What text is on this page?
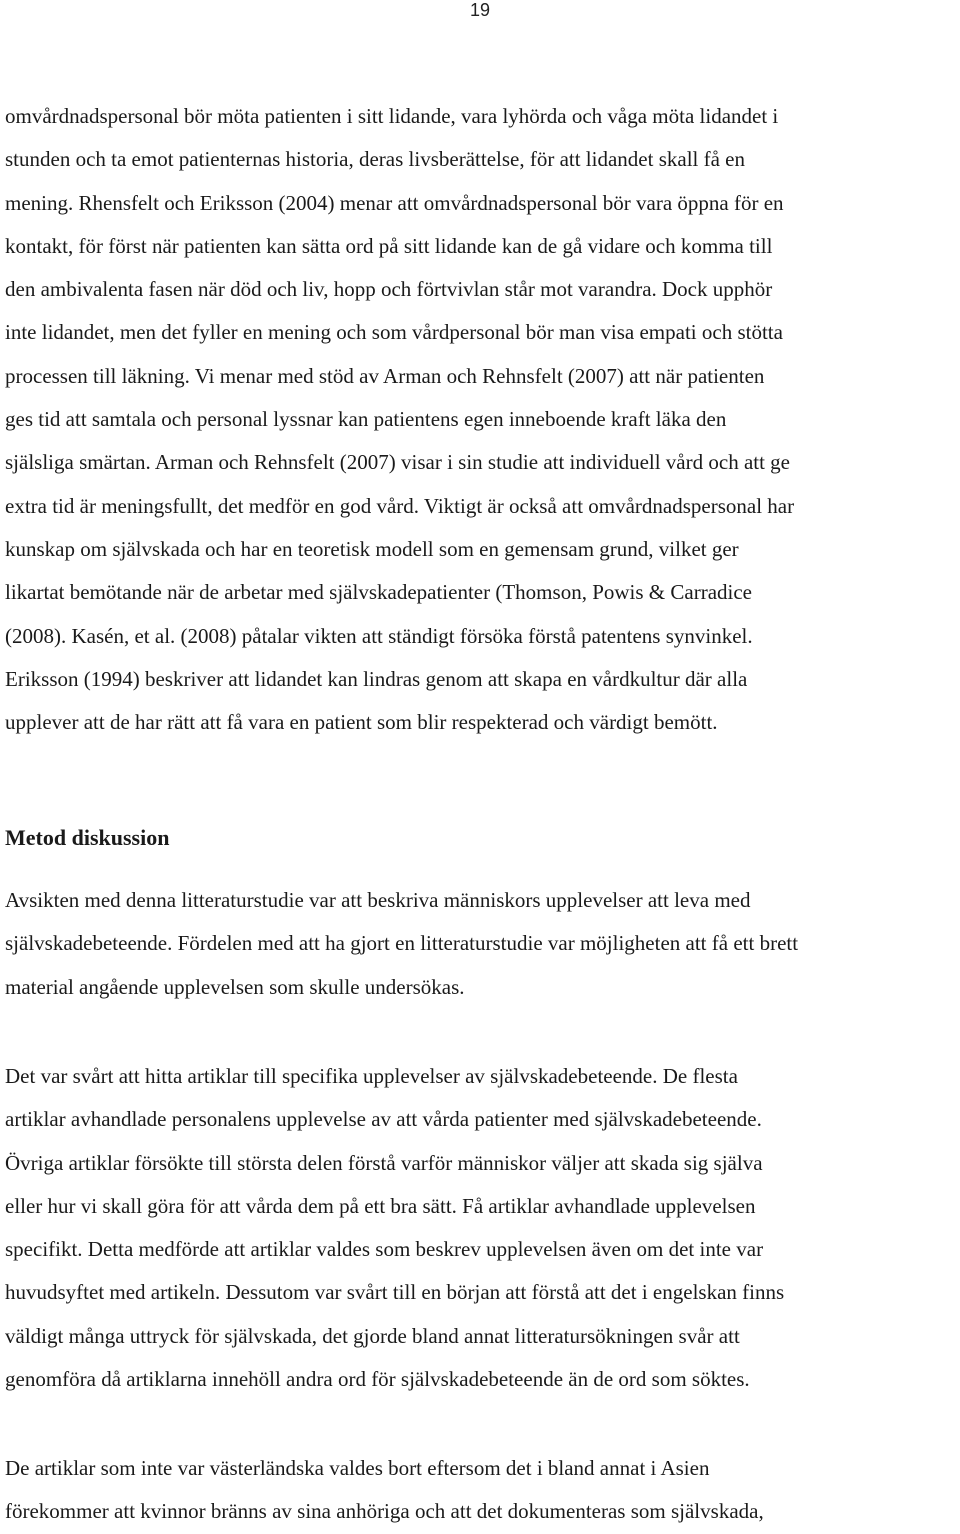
19
omvårdnadspersonal bör möta patienten i sitt lidande, vara lyhörda och våga möta lidandet i
stunden och ta emot patienternas historia, deras livsberättelse, för att lidandet skall få en
mening. Rhensfelt och Eriksson (2004) menar att omvårdnadspersonal bör vara öppna för en
kontakt, för först när patienten kan sätta ord på sitt lidande kan de gå vidare och komma till
den ambivalenta fasen när död och liv, hopp och förtvivlan står mot varandra. Dock upphör
inte lidandet, men det fyller en mening och som vårdpersonal bör man visa empati och stötta
processen till läkning. Vi menar med stöd av Arman och Rehnsfelt (2007) att när patienten
ges tid att samtala och personal lyssnar kan patientens egen inneboende kraft läka den
själsliga smärtan. Arman och Rehnsfelt (2007) visar i sin studie att individuell vård och att ge
extra tid är meningsfullt, det medför en god vård. Viktigt är också att omvårdnadspersonal har
kunskap om självskada och har en teoretisk modell som en gemensam grund, vilket ger
likartat bemötande när de arbetar med självskadepatienter (Thomson, Powis & Carradice
(2008). Kasén, et al. (2008) påtalar vikten att ständigt försöka förstå patentens synvinkel.
Eriksson (1994) beskriver att lidandet kan lindras genom att skapa en vårdkultur där alla
upplever att de har rätt att få vara en patient som blir respekterad och värdigt bemött.
Metod diskussion
Avsikten med denna litteraturstudie var att beskriva människors upplevelser att leva med
självskadebeteende. Fördelen med att ha gjort en litteraturstudie var möjligheten att få ett brett
material angående upplevelsen som skulle undersökas.
Det var svårt att hitta artiklar till specifika upplevelser av självskadebeteende. De flesta
artiklar avhandlade personalens upplevelse av att vårda patienter med självskadebeteende.
Övriga artiklar försökte till största delen förstå varför människor väljer att skada sig själva
eller hur vi skall göra för att vårda dem på ett bra sätt. Få artiklar avhandlade upplevelsen
specifikt. Detta medförde att artiklar valdes som beskrev upplevelsen även om det inte var
huvudsyftet med artikeln. Dessutom var svårt till en början att förstå att det i engelskan finns
väldigt många uttryck för självskada, det gjorde bland annat litteratursökningen svår att
genomföra då artiklarna innehöll andra ord för självskadebeteende än de ord som söktes.
De artiklar som inte var västerländska valdes bort eftersom det i bland annat i Asien
förekommer att kvinnor bränns av sina anhöriga och att det dokumenteras som självskada,
